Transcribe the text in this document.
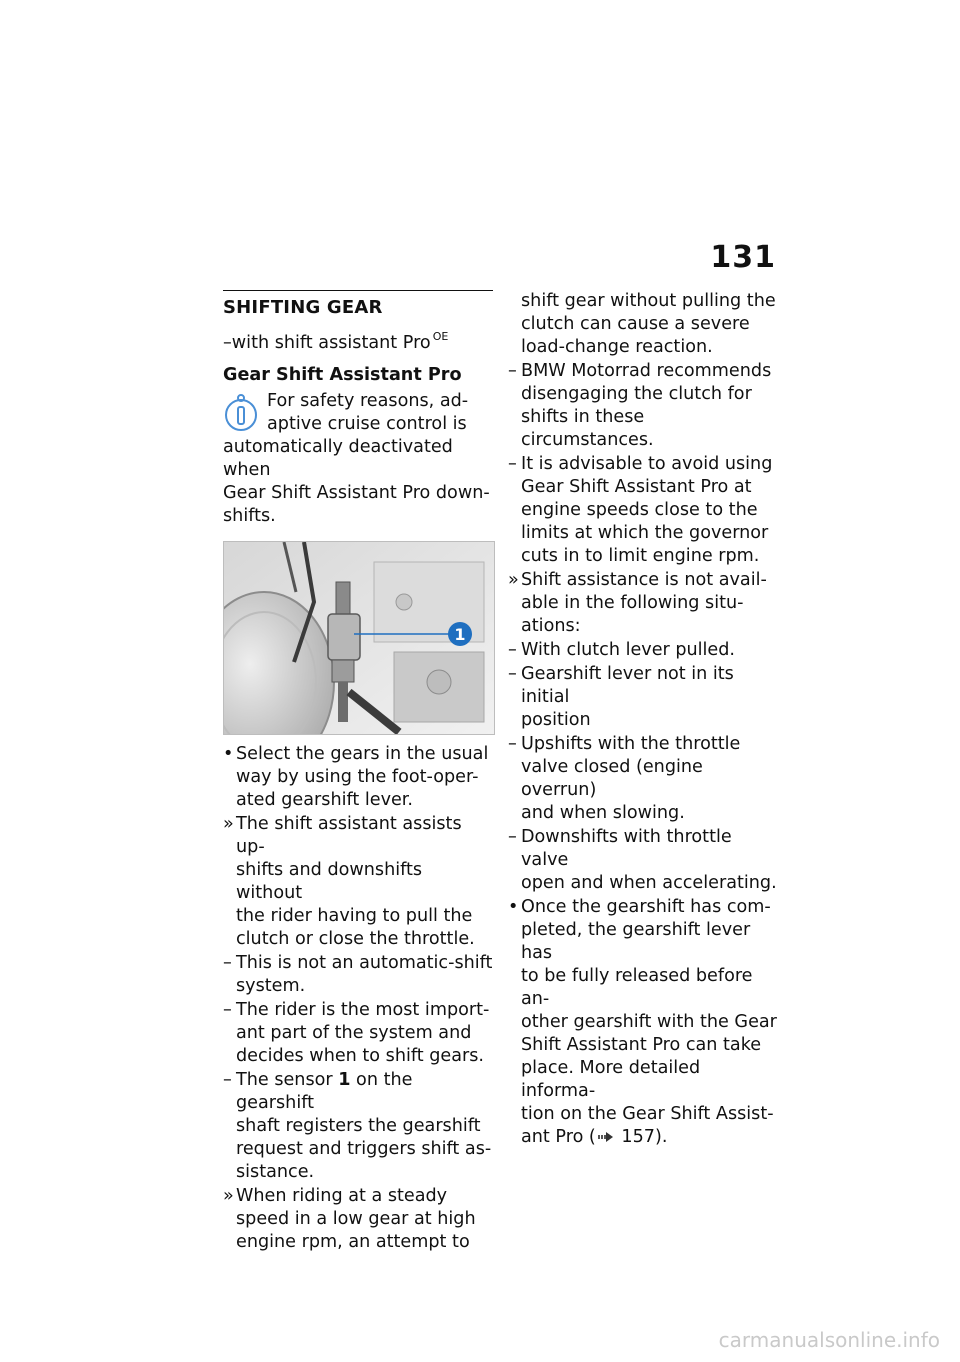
131
SHIFTING GEAR
–with shift assistant Pro $^{OE}$
Gear Shift Assistant Pro
For safety reasons, ad-
aptive cruise control is
automatically deactivated when
Gear Shift Assistant Pro down-
shifts.
1
• Select the gears in the usual
way by using the foot-oper-
ated gearshift lever.
» The shift assistant assists up-
shifts and downshifts without
the rider having to pull the
clutch or close the throttle.
– This is not an automatic-shift
system.
– The rider is the most import-
ant part of the system and
decides when to shift gears.
– The sensor 1 on the gearshift
shaft registers the gearshift
request and triggers shift as-
sistance.
» When riding at a steady
speed in a low gear at high
engine rpm, an attempt to
shift gear without pulling the
clutch can cause a severe
load-change reaction.
– BMW Motorrad recommends
disengaging the clutch for
shifts in these circumstances.
– It is advisable to avoid using
Gear Shift Assistant Pro at
engine speeds close to the
limits at which the governor
cuts in to limit engine rpm.
» Shift assistance is not avail-
able in the following situ-
ations:
– With clutch lever pulled.
– Gearshift lever not in its initial
position
– Upshifts with the throttle
valve closed (engine overrun)
and when slowing.
– Downshifts with throttle valve
open and when accelerating.
• Once the gearshift has com-
pleted, the gearshift lever has
to be fully released before an-
other gearshift with the Gear
Shift Assistant Pro can take
place. More detailed informa-
tion on the Gear Shift Assist-
ant Pro ( 157).
carmanualsonline.info
